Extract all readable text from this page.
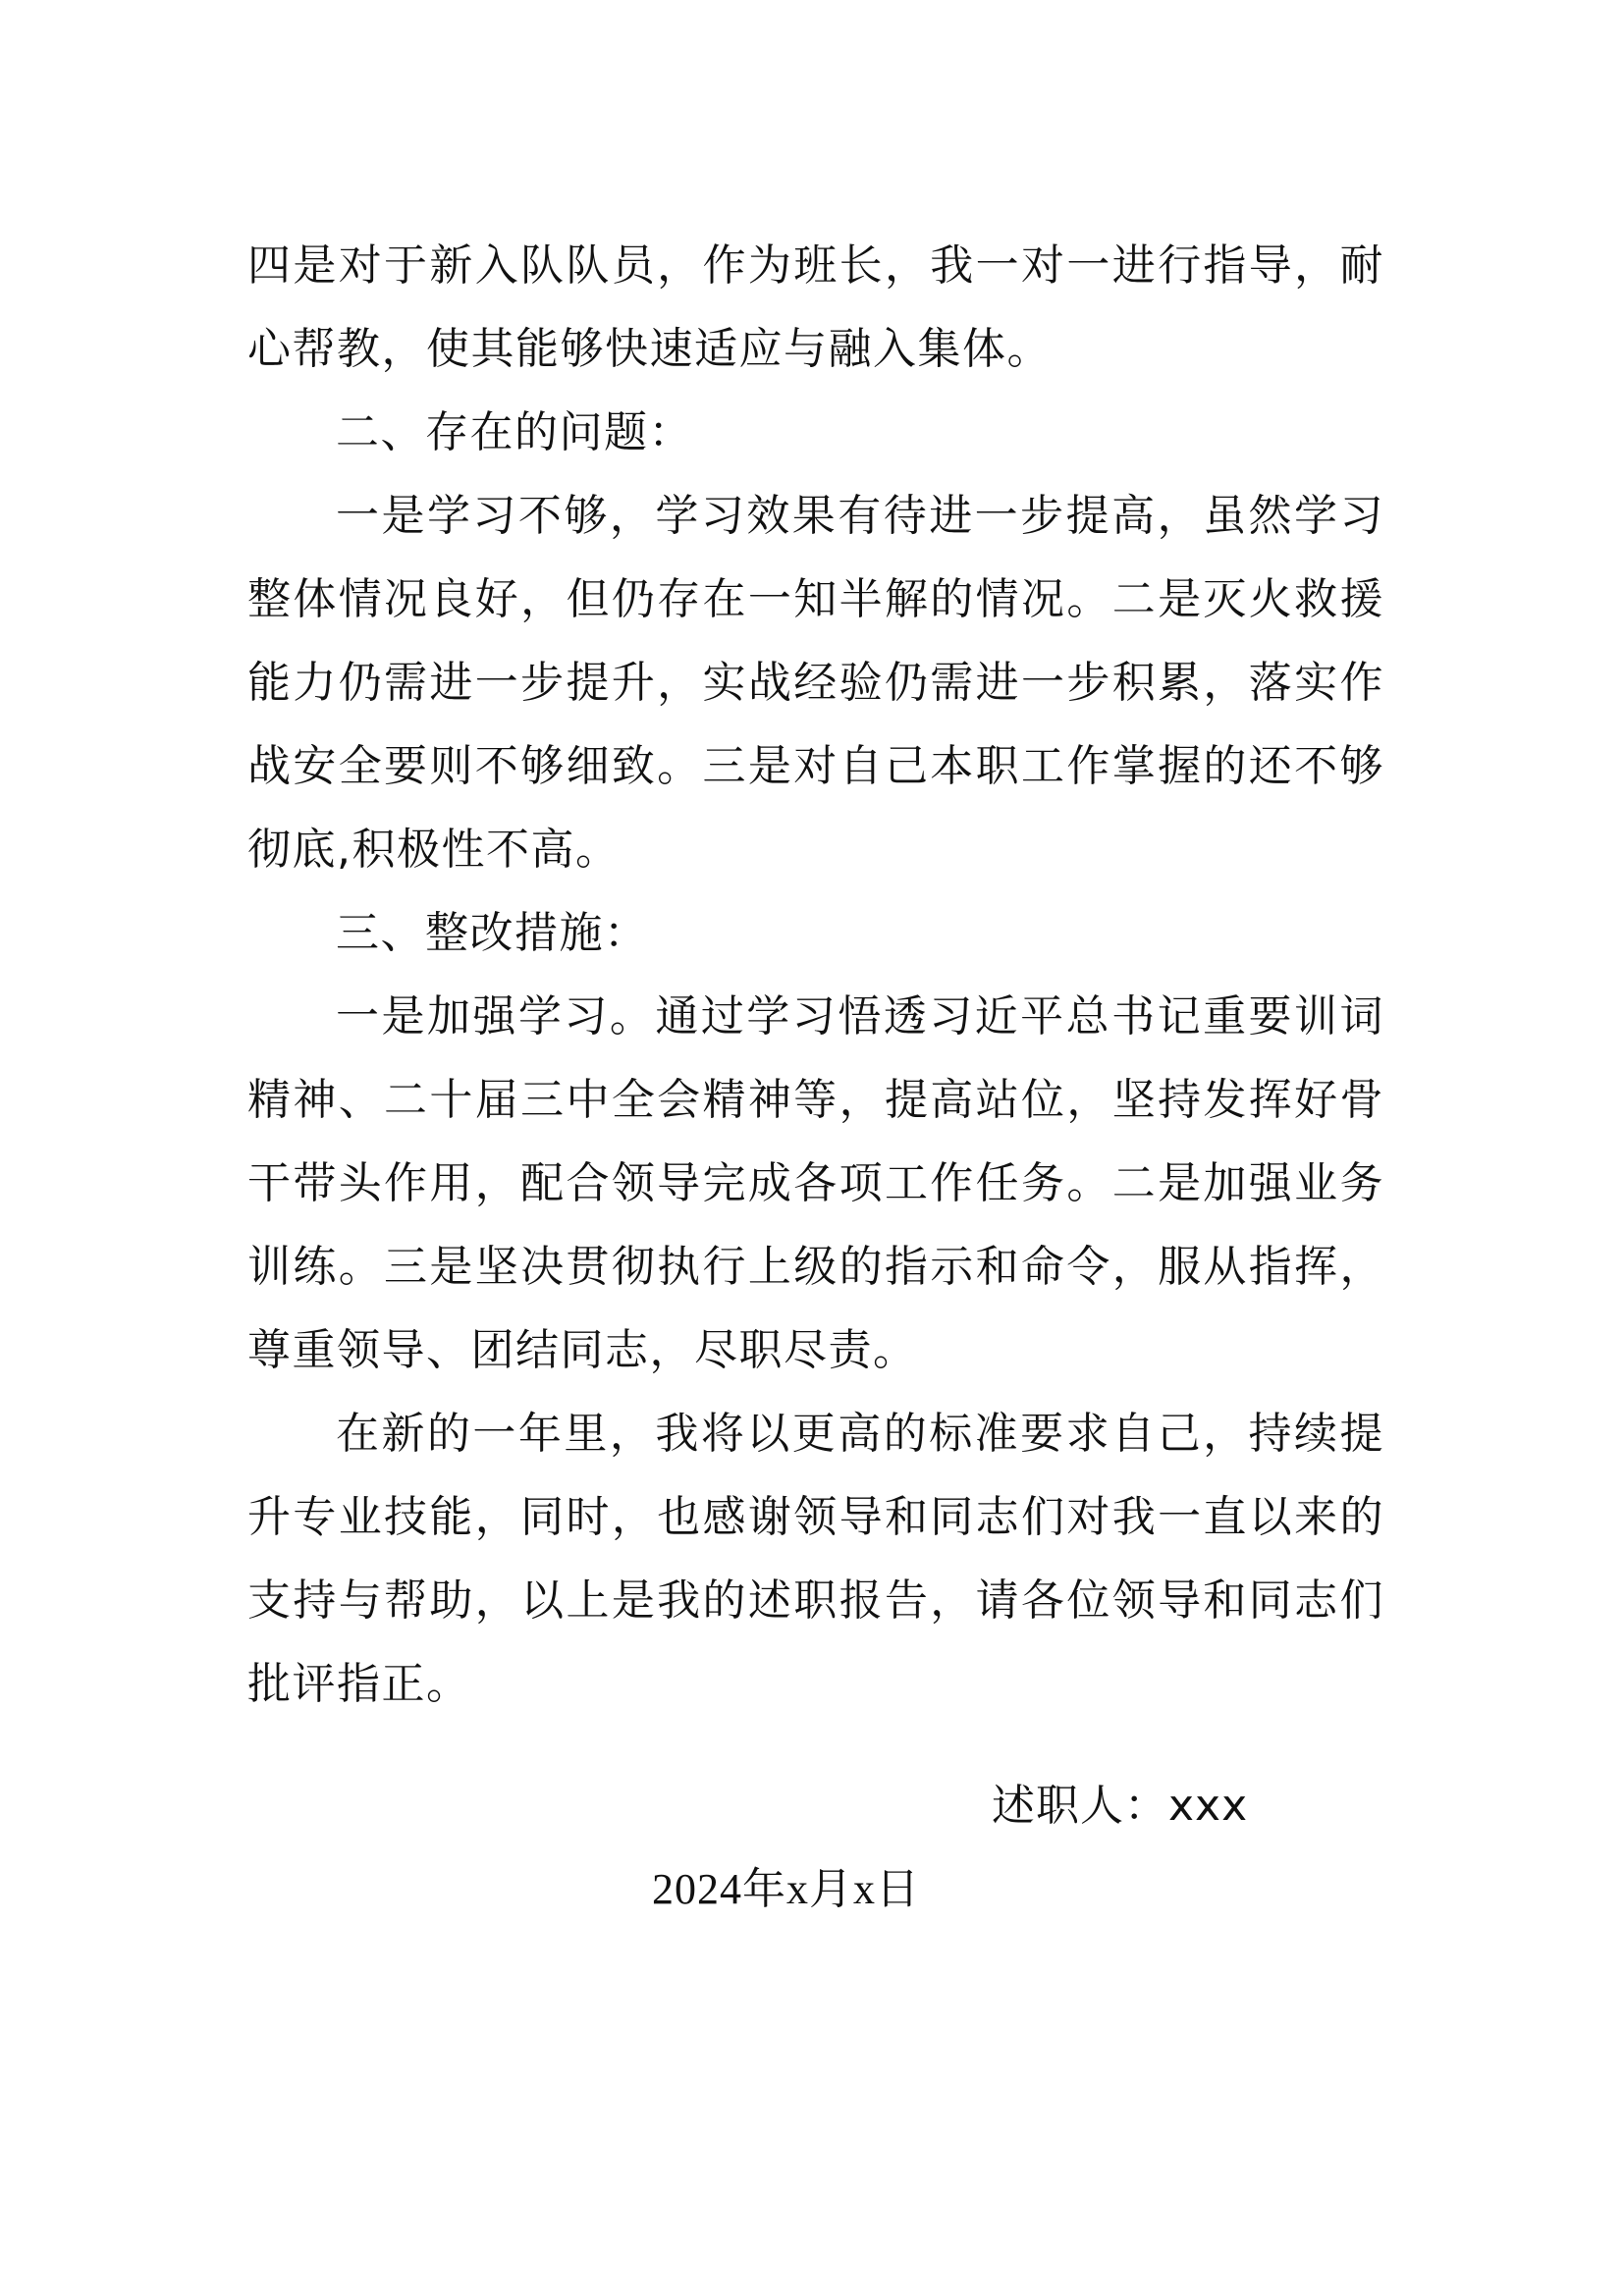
四是对于新入队队员，作为班长，我一对一进行指导，耐心帮教，使其能够快速适应与融入集体。

二、存在的问题：

一是学习不够，学习效果有待进一步提高，虽然学习整体情况良好，但仍存在一知半解的情况。二是灭火救援能力仍需进一步提升，实战经验仍需进一步积累，落实作战安全要则不够细致。三是对自己本职工作掌握的还不够彻底,积极性不高。

三、整改措施：

一是加强学习。通过学习悟透习近平总书记重要训词精神、二十届三中全会精神等，提高站位，坚持发挥好骨干带头作用，配合领导完成各项工作任务。二是加强业务训练。三是坚决贯彻执行上级的指示和命令，服从指挥，尊重领导、团结同志，尽职尽责。

在新的一年里，我将以更高的标准要求自己，持续提升专业技能，同时，也感谢领导和同志们对我一直以来的支持与帮助，以上是我的述职报告，请各位领导和同志们批评指正。

述职人：xxx
2024年x月x日
